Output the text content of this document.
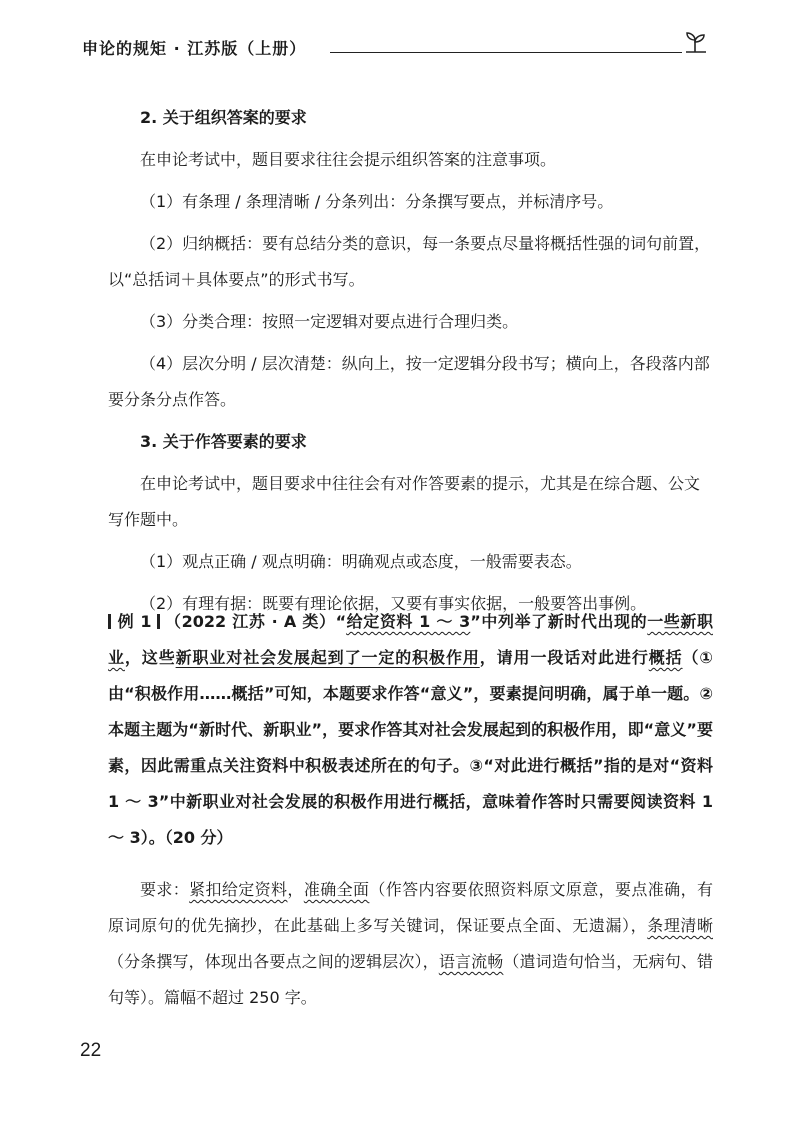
申论的规矩 · 江苏版（上册）

2. 关于组织答案的要求

在申论考试中，题目要求往往会提示组织答案的注意事项。

（1）有条理 / 条理清晰 / 分条列出：分条撰写要点，并标清序号。

（2）归纳概括：要有总结分类的意识，每一条要点尽量将概括性强的词句前置，以“总括词＋具体要点”的形式书写。

（3）分类合理：按照一定逻辑对要点进行合理归类。

（4）层次分明 / 层次清楚：纵向上，按一定逻辑分段书写；横向上，各段落内部要分条分点作答。

3. 关于作答要素的要求

在申论考试中，题目要求中往往会有对作答要素的提示，尤其是在综合题、公文写作题中。

（1）观点正确 / 观点明确：明确观点或态度，一般需要表态。

（2）有理有据：既要有理论依据，又要有事实依据，一般要答出事例。

例 1 （2022 江苏 · A 类）“给定资料 1 ～ 3”中列举了新时代出现的一些新职业，这些新职业对社会发展起到了一定的积极作用，请用一段话对此进行概括（①由“积极作用……概括”可知，本题要求作答“意义”，要素提问明确，属于单一题。②本题主题为“新时代、新职业”，要求作答其对社会发展起到的积极作用，即“意义”要素，因此需重点关注资料中积极表述所在的句子。③“对此进行概括”指的是对“资料 1 ～ 3”中新职业对社会发展的积极作用进行概括，意味着作答时只需要阅读资料 1 ～ 3）。（20 分）

要求：紧扣给定资料，准确全面（作答内容要依照资料原文原意，要点准确，有原词原句的优先摘抄，在此基础上多写关键词，保证要点全面、无遗漏），条理清晰（分条撰写，体现出各要点之间的逻辑层次），语言流畅（遣词造句恰当，无病句、错句等）。篇幅不超过 250 字。

22
